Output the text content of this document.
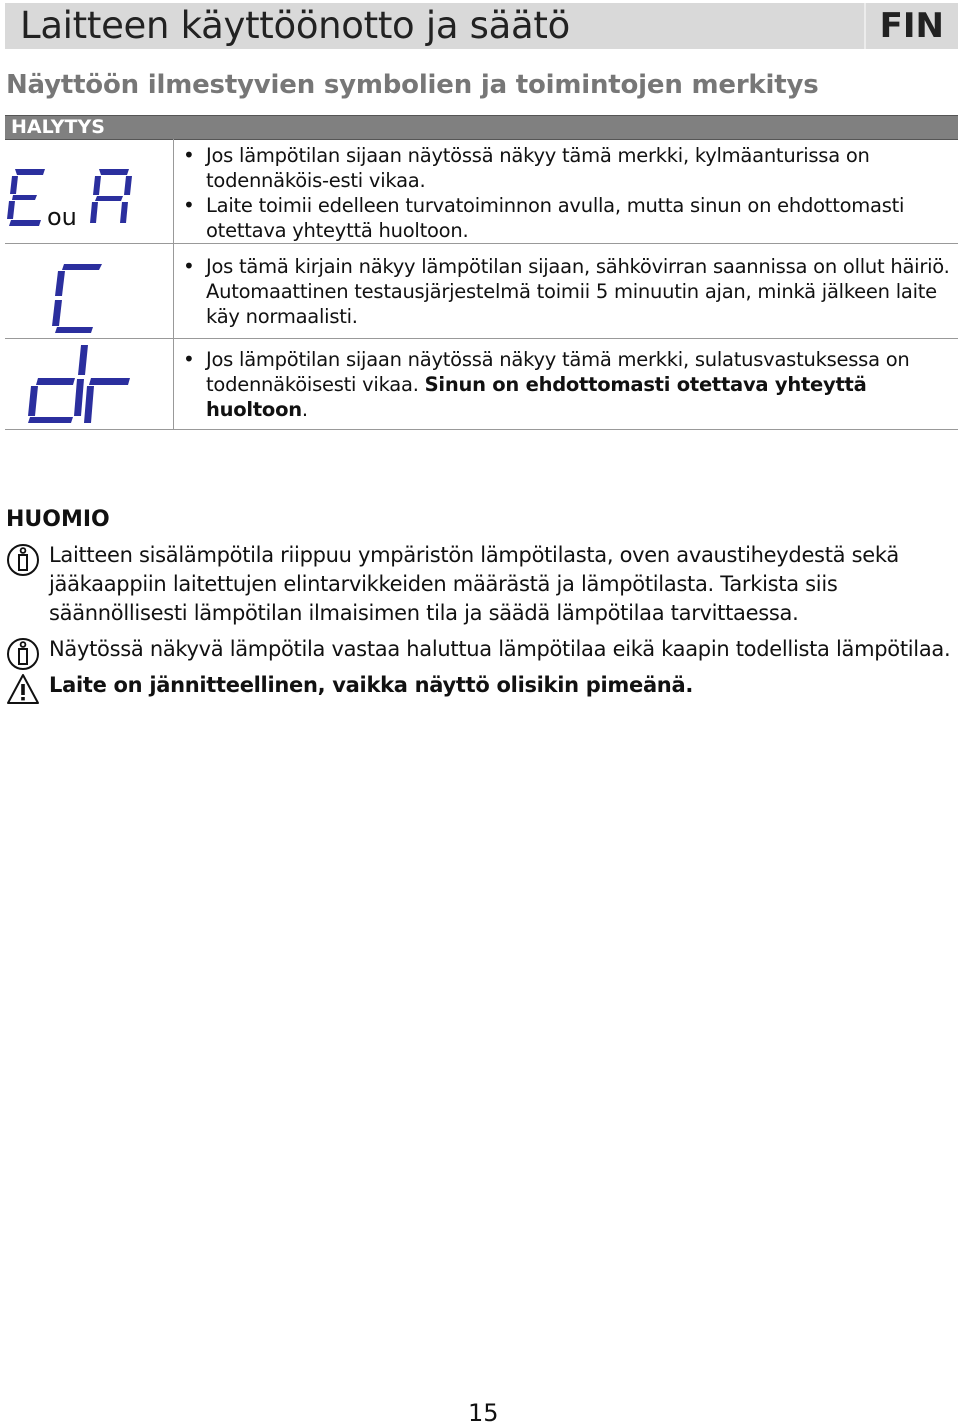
Laitteen käyttöönotto ja säätö	FIN
Näyttöön ilmestyvien symbolien ja toimintojen merkitys
HALYTYS
ou
• Jos lämpötilan sijaan näytössä näkyy tämä merkki, kylmäanturissa on todennäköis-esti vikaa.
• Laite toimii edelleen turvatoiminnon avulla, mutta sinun on ehdottomasti otettava yhteyttä huoltoon.
• Jos tämä kirjain näkyy lämpötilan sijaan, sähkövirran saannissa on ollut häiriö. Automaattinen testausjärjestelmä toimii 5 minuutin ajan, minkä jälkeen laite käy normaalisti.
• Jos lämpötilan sijaan näytössä näkyy tämä merkki, sulatusvastuksessa on todennäköisesti vikaa. Sinun on ehdottomasti otettava yhteyttä huoltoon.
HUOMIO
Laitteen sisälämpötila riippuu ympäristön lämpötilasta, oven avaustiheydestä sekä jääkaappiin laitettujen elintarvikkeiden määrästä ja lämpötilasta. Tarkista siis säännöllisesti lämpötilan ilmaisimen tila ja säädä lämpötilaa tarvittaessa.
Näytössä näkyvä lämpötila vastaa haluttua lämpötilaa eikä kaapin todellista lämpötilaa.
Laite on jännitteellinen, vaikka näyttö olisikin pimeänä.
15
